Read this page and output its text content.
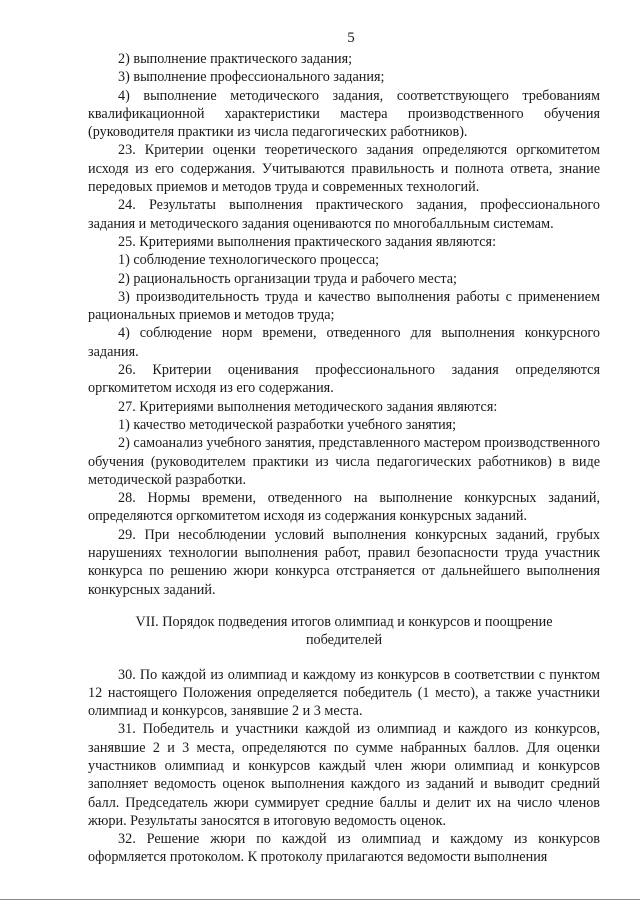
5

2) выполнение практического задания;

3) выполнение профессионального задания;

4) выполнение методического задания, соответствующего требованиям квалификационной характеристики мастера производственного обучения (руководителя практики из числа педагогических работников).

23. Критерии оценки теоретического задания определяются оргкомитетом исходя из его содержания. Учитываются правильность и полнота ответа, знание передовых приемов и методов труда и современных технологий.

24. Результаты выполнения практического задания, профессионального задания и методического задания оцениваются по многобалльным системам.

25. Критериями выполнения практического задания являются:

1) соблюдение технологического процесса;

2) рациональность организации труда и рабочего места;

3) производительность труда и качество выполнения работы с применением рациональных приемов и методов труда;

4) соблюдение норм времени, отведенного для выполнения конкурсного задания.

26. Критерии оценивания профессионального задания определяются оргкомитетом исходя из его содержания.

27. Критериями выполнения методического задания являются:

1) качество методической разработки учебного занятия;

2) самоанализ учебного занятия, представленного мастером производственного обучения (руководителем практики из числа педагогических работников) в виде методической разработки.

28. Нормы времени, отведенного на выполнение конкурсных заданий, определяются оргкомитетом исходя из содержания конкурсных заданий.

29. При несоблюдении условий выполнения конкурсных заданий, грубых нарушениях технологии выполнения работ, правил безопасности труда участник конкурса по решению жюри конкурса отстраняется от дальнейшего выполнения конкурсных заданий.

VII. Порядок подведения итогов олимпиад и конкурсов и поощрение победителей

30. По каждой из олимпиад и каждому из конкурсов в соответствии с пунктом 12 настоящего Положения определяется победитель (1 место), а также участники олимпиад и конкурсов, занявшие 2 и 3 места.

31. Победитель и участники каждой из олимпиад и каждого из конкурсов, занявшие 2 и 3 места, определяются по сумме набранных баллов. Для оценки участников олимпиад и конкурсов каждый член жюри олимпиад и конкурсов заполняет ведомость оценок выполнения каждого из заданий и выводит средний балл. Председатель жюри суммирует средние баллы и делит их на число членов жюри. Результаты заносятся в итоговую ведомость оценок.

32. Решение жюри по каждой из олимпиад и каждому из конкурсов оформляется протоколом. К протоколу прилагаются ведомости выполнения
